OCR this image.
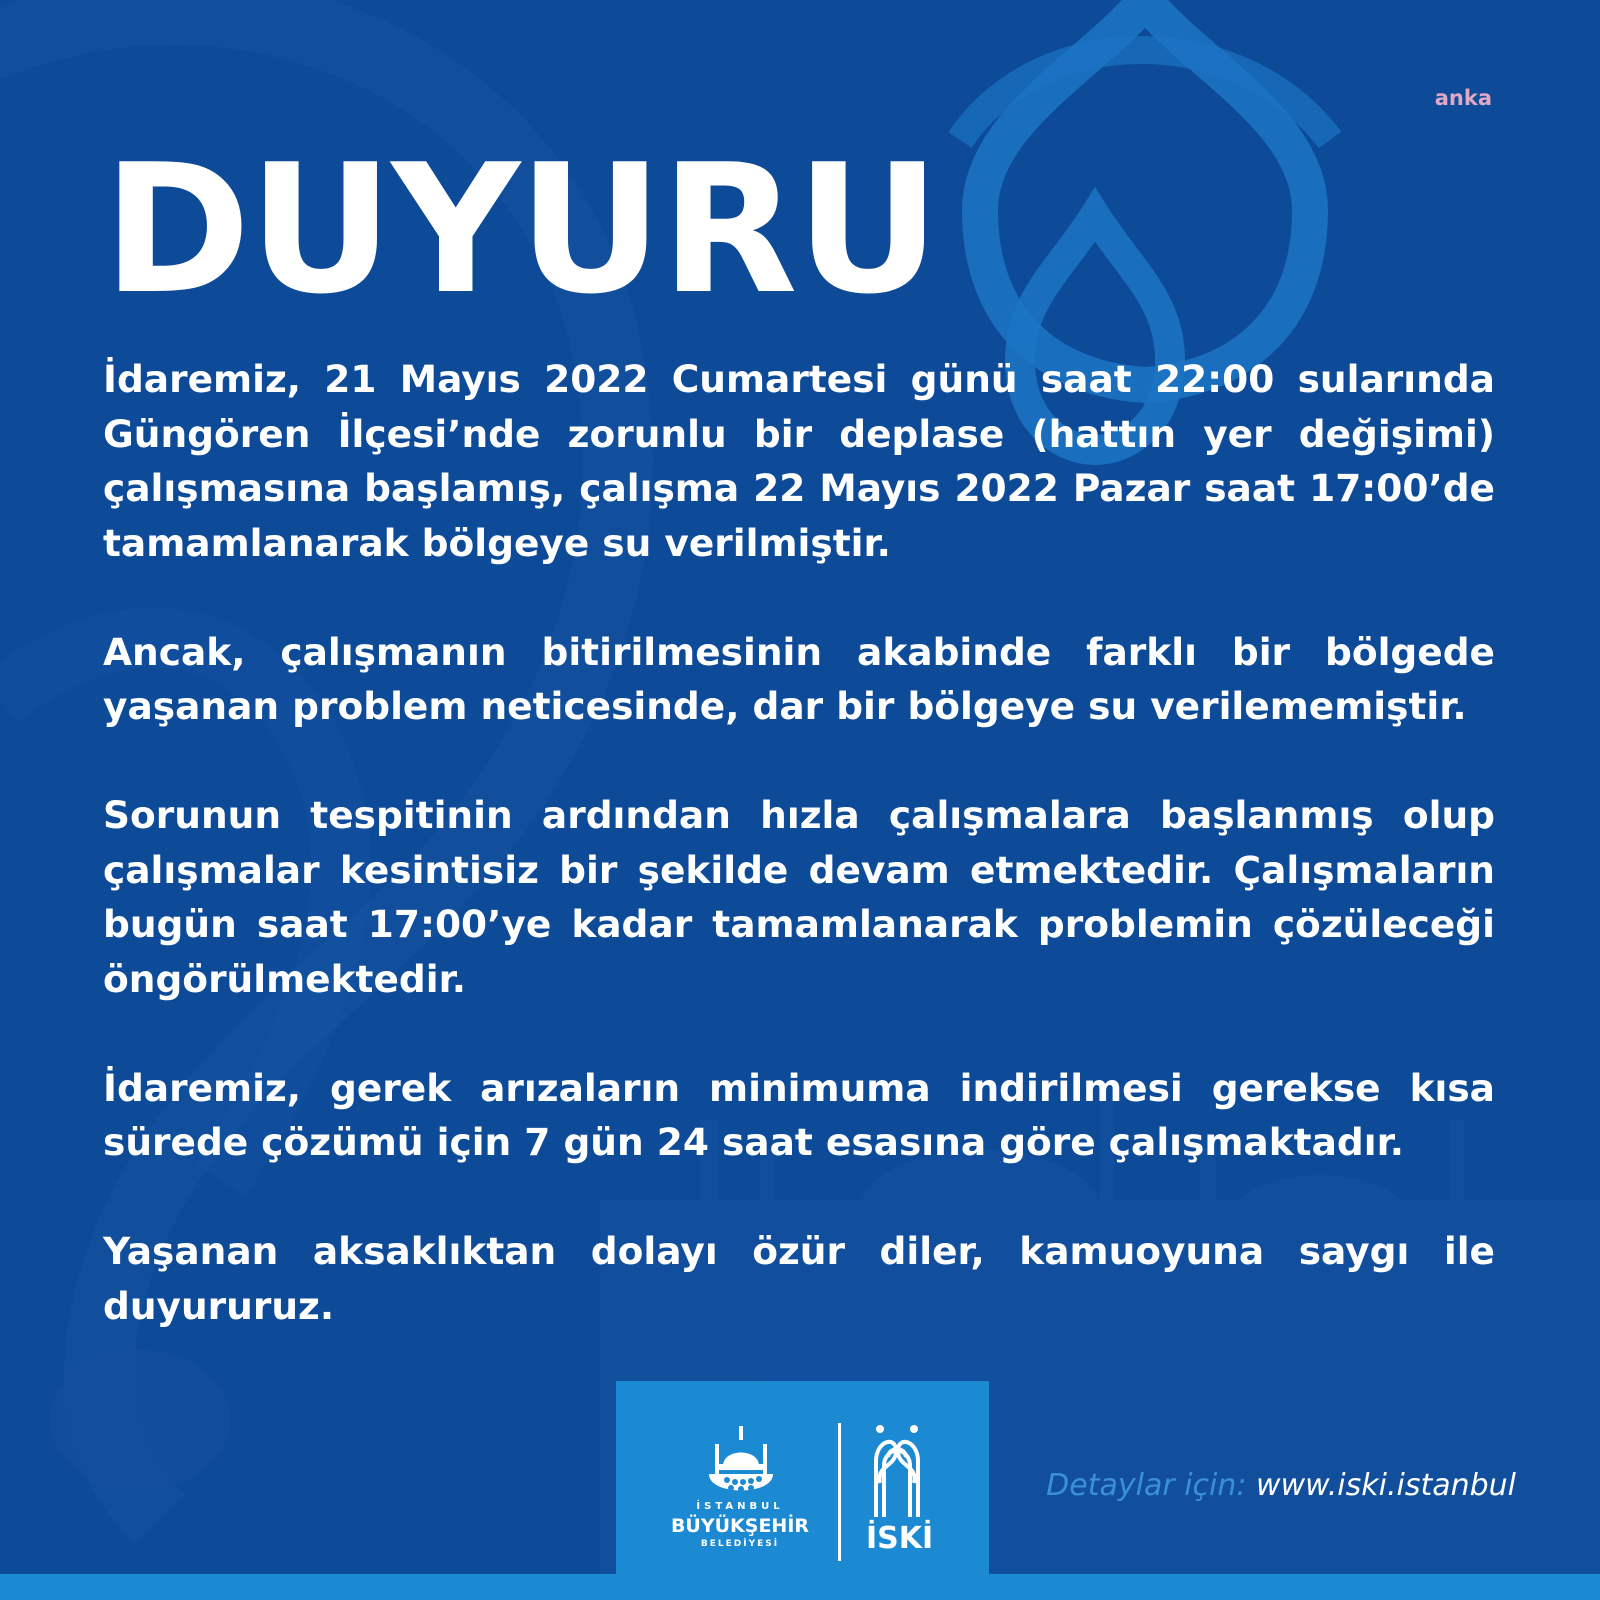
anka
DUYURU

İdaremiz, 21 Mayıs 2022 Cumartesi günü saat 22:00 sularında Güngören İlçesi’nde zorunlu bir deplase (hattın yer değişimi) çalışmasına başlamış, çalışma 22 Mayıs 2022 Pazar saat 17:00’de tamamlanarak bölgeye su verilmiştir.

Ancak, çalışmanın bitirilmesinin akabinde farklı bir bölgede yaşanan problem neticesinde, dar bir bölgeye su verilememiştir.

Sorunun tespitinin ardından hızla çalışmalara başlanmış olup çalışmalar kesintisiz bir şekilde devam etmektedir. Çalışmaların bugün saat 17:00’ye kadar tamamlanarak problemin çözüleceği öngörülmektedir.

İdaremiz, gerek arızaların minimuma indirilmesi gerekse kısa sürede çözümü için 7 gün 24 saat esasına göre çalışmaktadır.

Yaşanan aksaklıktan dolayı özür diler, kamuoyuna saygı ile duyururuz.

İSTANBUL
BÜYÜKŞEHİR
BELEDİYESİ	İSKİ
Detaylar için: www.iski.istanbul
